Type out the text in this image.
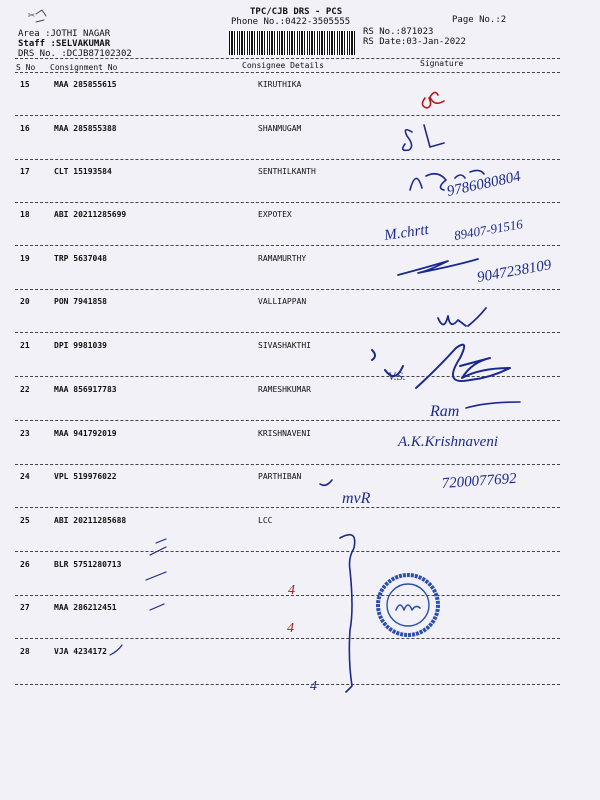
TPC/CJB DRS - PCS
Phone No.:0422-3505555	Page No.:2
Area :JOTHI NAGAR
Staff :SELVAKUMAR
DRS No. :DCJB87102302
RS No.:871023
RS Date:03-Jan-2022
✂
S No Consignment No	Consignee Details	Signature
15	MAA 285855615	KIRUTHIKA
16	MAA 285855388	SHANMUGAM
17	CLT 15193584	SENTHILKANTH
18	ABI 20211285699	EXPOTEX
19	TRP 5637048	RAMAMURTHY
20	PON 7941858	VALLIAPPAN
21	DPI 9981039	SIVASHAKTHI
22	MAA 856917783	RAMESHKUMAR
23	MAA 941792019	KRISHNAVENI
24	VPL 519976022	PARTHIBAN
25	ABI 20211285688	LCC
26	BLR 5751280713
27	MAA 286212451
28	VJA 4234172
9786080804
M.chrtt 89407-91516
9047238109
V.S.
Ram
A.K.Krishnaveni
mvR
7200077692
4
4
4
